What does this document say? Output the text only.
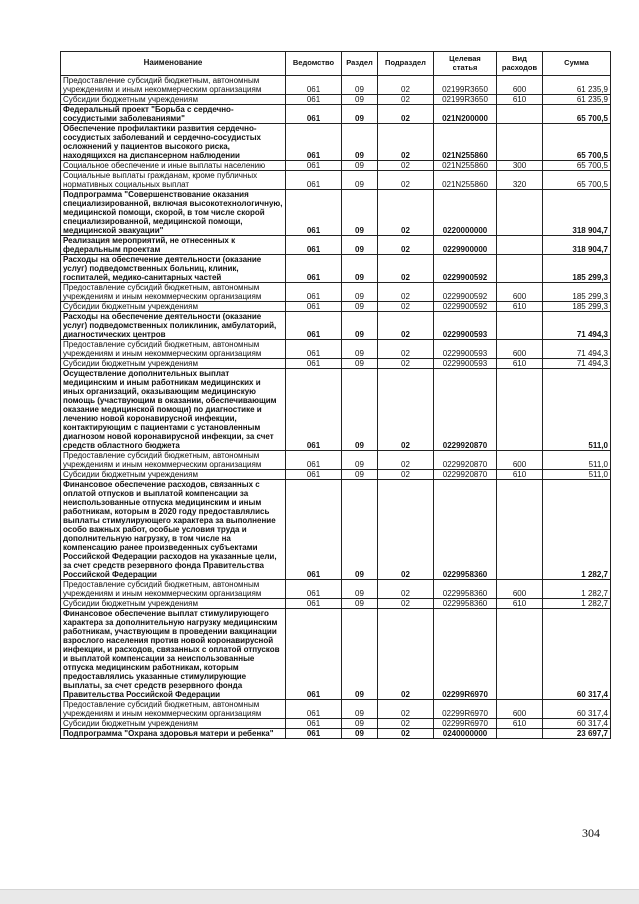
Наименование	Ведомство	Раздел	Подраздел	Целевая статья	Вид расходов	Сумма
Предоставление субсидий бюджетным, автономным учреждениям и иным некоммерческим организациям	061	09	02	02199R3650	600	61 235,9
Субсидии бюджетным учреждениям	061	09	02	02199R3650	610	61 235,9
Федеральный проект "Борьба с сердечно-сосудистыми заболеваниями"	061	09	02	021N200000		65 700,5
Обеспечение профилактики развития сердечно-сосудистых заболеваний и сердечно-сосудистых осложнений у пациентов высокого риска, находящихся на диспансерном наблюдении	061	09	02	021N255860		65 700,5
Социальное обеспечение и иные выплаты населению	061	09	02	021N255860	300	65 700,5
Социальные выплаты гражданам, кроме публичных нормативных социальных выплат	061	09	02	021N255860	320	65 700,5
Подпрограмма "Совершенствование оказания специализированной, включая высокотехнологичную, медицинской помощи, скорой, в том числе скорой специализированной, медицинской помощи, медицинской эвакуации"	061	09	02	0220000000		318 904,7
Реализация мероприятий, не отнесенных к федеральным проектам	061	09	02	0229900000		318 904,7
Расходы на обеспечение деятельности (оказание услуг) подведомственных больниц, клиник, госпиталей, медико-санитарных частей	061	09	02	0229900592		185 299,3
Предоставление субсидий бюджетным, автономным учреждениям и иным некоммерческим организациям	061	09	02	0229900592	600	185 299,3
Субсидии бюджетным учреждениям	061	09	02	0229900592	610	185 299,3
Расходы на обеспечение деятельности (оказание услуг) подведомственных поликлиник, амбулаторий, диагностических центров	061	09	02	0229900593		71 494,3
Предоставление субсидий бюджетным, автономным учреждениям и иным некоммерческим организациям	061	09	02	0229900593	600	71 494,3
Субсидии бюджетным учреждениям	061	09	02	0229900593	610	71 494,3
Осуществление дополнительных выплат медицинским и иным работникам медицинских и иных организаций, оказывающим медицинскую помощь (участвующим в оказании, обеспечивающим оказание медицинской помощи) по диагностике и лечению новой коронавирусной инфекции, контактирующим с пациентами с установленным диагнозом новой коронавирусной инфекции, за счет средств областного бюджета	061	09	02	0229920870		511,0
Предоставление субсидий бюджетным, автономным учреждениям и иным некоммерческим организациям	061	09	02	0229920870	600	511,0
Субсидии бюджетным учреждениям	061	09	02	0229920870	610	511,0
Финансовое обеспечение расходов, связанных с оплатой отпусков и выплатой компенсации за неиспользованные отпуска медицинским и иным работникам, которым в 2020 году предоставлялись выплаты стимулирующего характера за выполнение особо важных работ, особые условия труда и дополнительную нагрузку, в том числе на компенсацию ранее произведенных субъектами Российской Федерации расходов на указанные цели, за счет средств резервного фонда Правительства Российской Федерации	061	09	02	0229958360		1 282,7
Предоставление субсидий бюджетным, автономным учреждениям и иным некоммерческим организациям	061	09	02	0229958360	600	1 282,7
Субсидии бюджетным учреждениям	061	09	02	0229958360	610	1 282,7
Финансовое обеспечение выплат стимулирующего характера за дополнительную нагрузку медицинским работникам, участвующим в проведении вакцинации взрослого населения против новой коронавирусной инфекции, и расходов, связанных с оплатой отпусков и выплатой компенсации за неиспользованные отпуска медицинским работникам, которым предоставлялись указанные стимулирующие выплаты, за счет средств резервного фонда Правительства Российской Федерации	061	09	02	02299R6970		60 317,4
Предоставление субсидий бюджетным, автономным учреждениям и иным некоммерческим организациям	061	09	02	02299R6970	600	60 317,4
Субсидии бюджетным учреждениям	061	09	02	02299R6970	610	60 317,4
Подпрограмма "Охрана здоровья матери и ребенка"	061	09	02	0240000000		23 697,7
304
